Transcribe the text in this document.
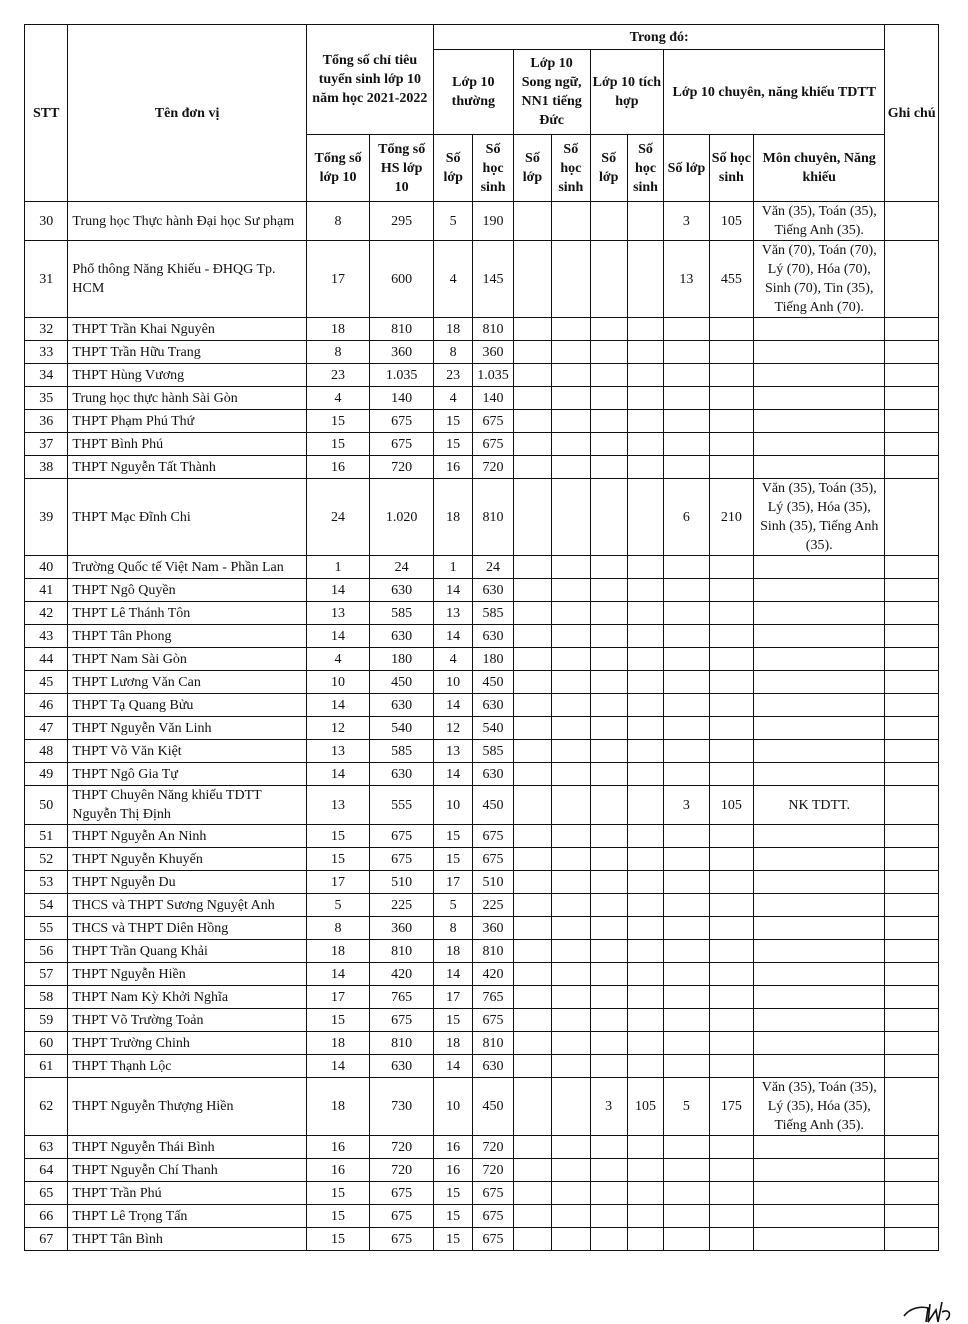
STT	Tên đơn vị	Tổng số chỉ tiêu tuyển sinh lớp 10 năm học 2021-2022		Trong đó:									Ghi chú
				Lớp 10 thường		Lớp 10 Song ngữ, NN1 tiếng Đức		Lớp 10 tích hợp		Lớp 10 chuyên, năng khiếu TDTT			
		Tổng số lớp 10	Tổng số HS lớp 10	Số lớp	Số học sinh	Số lớp	Số học sinh	Số lớp	Số học sinh	Số lớp	Số học sinh	Môn chuyên, Năng khiếu	
30	Trung học Thực hành Đại học Sư phạm	8	295	5	190					3	105	Văn (35), Toán (35), Tiếng Anh (35).	
31	Phổ thông Năng Khiếu - ĐHQG Tp. HCM	17	600	4	145					13	455	Văn (70), Toán (70), Lý (70), Hóa (70), Sinh (70), Tin (35), Tiếng Anh (70).	
32	THPT Trần Khai Nguyên	18	810	18	810								
33	THPT Trần Hữu Trang	8	360	8	360								
34	THPT Hùng Vương	23	1.035	23	1.035								
35	Trung học thực hành Sài Gòn	4	140	4	140								
36	THPT Phạm Phú Thứ	15	675	15	675								
37	THPT Bình Phú	15	675	15	675								
38	THPT Nguyễn Tất Thành	16	720	16	720								
39	THPT Mạc Đĩnh Chi	24	1.020	18	810					6	210	Văn (35), Toán (35), Lý (35), Hóa (35), Sinh (35), Tiếng Anh (35).	
40	Trường Quốc tế Việt Nam - Phần Lan	1	24	1	24								
41	THPT Ngô Quyền	14	630	14	630								
42	THPT Lê Thánh Tôn	13	585	13	585								
43	THPT Tân Phong	14	630	14	630								
44	THPT Nam Sài Gòn	4	180	4	180								
45	THPT Lương Văn Can	10	450	10	450								
46	THPT Tạ Quang Bửu	14	630	14	630								
47	THPT Nguyễn Văn Linh	12	540	12	540								
48	THPT Võ Văn Kiệt	13	585	13	585								
49	THPT Ngô Gia Tự	14	630	14	630								
50	THPT Chuyên Năng khiếu TDTT Nguyễn Thị Định	13	555	10	450					3	105	NK TDTT.	
51	THPT Nguyễn An Ninh	15	675	15	675								
52	THPT Nguyễn Khuyến	15	675	15	675								
53	THPT Nguyễn Du	17	510	17	510								
54	THCS và THPT Sương Nguyệt Anh	5	225	5	225								
55	THCS và THPT Diên Hồng	8	360	8	360								
56	THPT Trần Quang Khải	18	810	18	810								
57	THPT Nguyễn Hiền	14	420	14	420								
58	THPT Nam Kỳ Khởi Nghĩa	17	765	17	765								
59	THPT Võ Trường Toản	15	675	15	675								
60	THPT Trường Chinh	18	810	18	810								
61	THPT Thạnh Lộc	14	630	14	630								
62	THPT Nguyễn Thượng Hiền	18	730	10	450			3	105	5	175	Văn (35), Toán (35), Lý (35), Hóa (35), Tiếng Anh (35).	
63	THPT Nguyễn Thái Bình	16	720	16	720								
64	THPT Nguyễn Chí Thanh	16	720	16	720								
65	THPT Trần Phú	15	675	15	675								
66	THPT Lê Trọng Tấn	15	675	15	675								
67	THPT Tân Bình	15	675	15	675								
